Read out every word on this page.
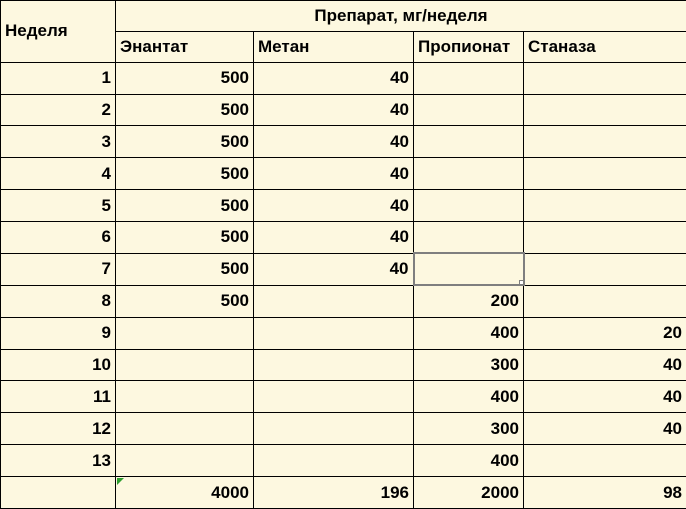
Неделя	Препарат, мг/неделя			
	Энантат	Метан	Пропионат	Станаза
1	500	40		
2	500	40		
3	500	40		
4	500	40		
5	500	40		
6	500	40		
7	500	40		
8	500		200	
9			400	20
10			300	40
11			400	40
12			300	40
13			400	
	4000	196	2000	98
